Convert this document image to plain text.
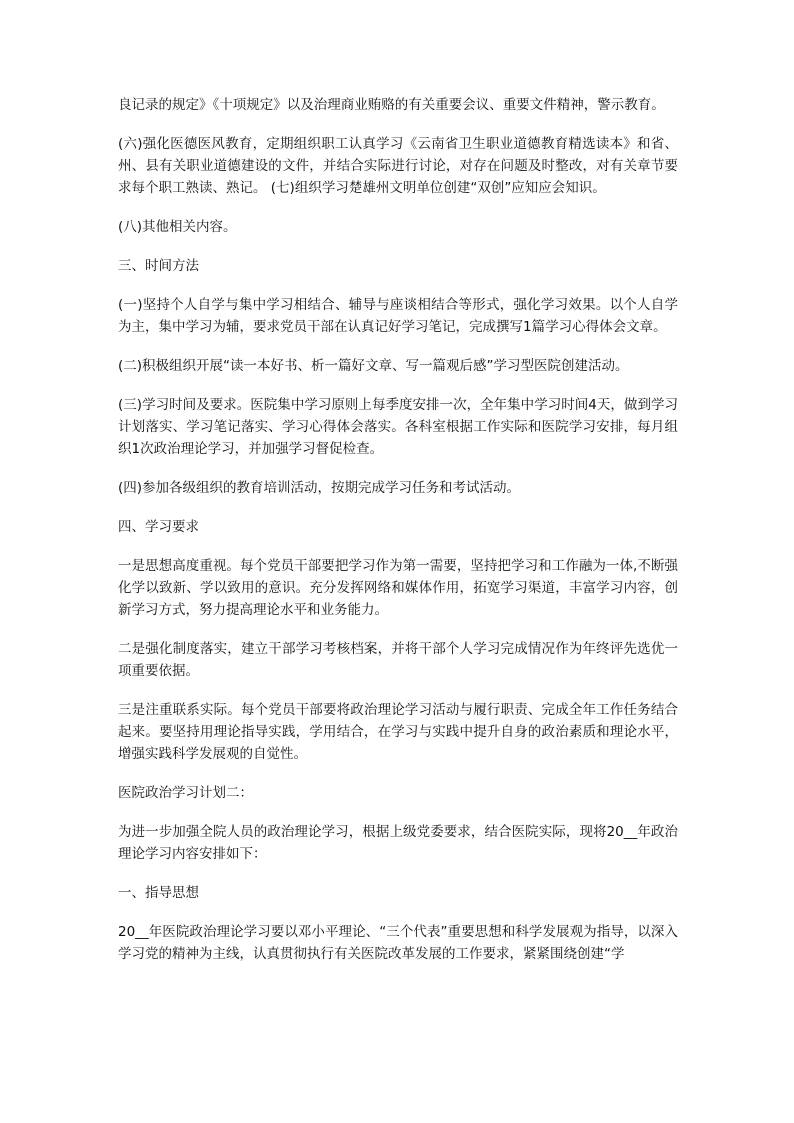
良记录的规定》《十项规定》以及治理商业贿赂的有关重要会议、重要文件精神，警示教育。

(六)强化医德医风教育，定期组织职工认真学习《云南省卫生职业道德教育精选读本》和省、州、县有关职业道德建设的文件，并结合实际进行讨论，对存在问题及时整改，对有关章节要求每个职工熟读、熟记。 (七)组织学习楚雄州文明单位创建“双创”应知应会知识。

(八)其他相关内容。

三、时间方法

(一)坚持个人自学与集中学习相结合、辅导与座谈相结合等形式，强化学习效果。以个人自学为主，集中学习为辅，要求党员干部在认真记好学习笔记，完成撰写1篇学习心得体会文章。

(二)积极组织开展“读一本好书、析一篇好文章、写一篇观后感”学习型医院创建活动。

(三)学习时间及要求。医院集中学习原则上每季度安排一次，全年集中学习时间4天，做到学习计划落实、学习笔记落实、学习心得体会落实。各科室根据工作实际和医院学习安排，每月组织1次政治理论学习，并加强学习督促检查。

(四)参加各级组织的教育培训活动，按期完成学习任务和考试活动。

四、学习要求

一是思想高度重视。每个党员干部要把学习作为第一需要，坚持把学习和工作融为一体,不断强化学以致新、学以致用的意识。充分发挥网络和媒体作用，拓宽学习渠道，丰富学习内容，创新学习方式，努力提高理论水平和业务能力。

二是强化制度落实，建立干部学习考核档案，并将干部个人学习完成情况作为年终评先选优一项重要依据。

三是注重联系实际。每个党员干部要将政治理论学习活动与履行职责、完成全年工作任务结合起来。要坚持用理论指导实践，学用结合，在学习与实践中提升自身的政治素质和理论水平，增强实践科学发展观的自觉性。

医院政治学习计划二：

为进一步加强全院人员的政治理论学习，根据上级党委要求，结合医院实际，现将20__年政治理论学习内容安排如下：

一、指导思想

20__年医院政治理论学习要以邓小平理论、“三个代表”重要思想和科学发展观为指导，以深入学习党的精神为主线，认真贯彻执行有关医院改革发展的工作要求，紧紧围绕创建“学
